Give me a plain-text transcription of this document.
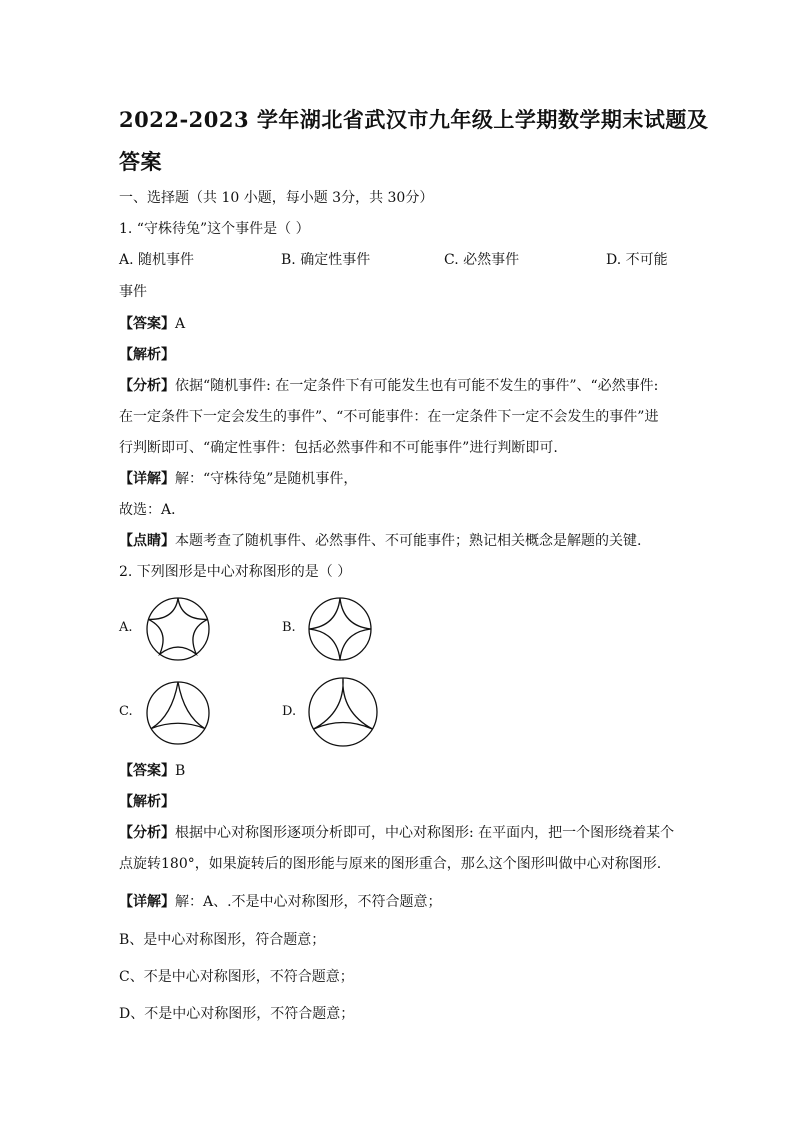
2022-2023 学年湖北省武汉市九年级上学期数学期末试题及
答案
一、选择题（共 10 小题，每小题 3分，共 30分）
1. “守株待兔”这个事件是（ ）
A. 随机事件	B. 确定性事件	C. 必然事件	D. 不可能
事件
【答案】A
【解析】
【分析】依据“随机事件: 在一定条件下有可能发生也有可能不发生的事件”、“必然事件:
在一定条件下一定会发生的事件”、“不可能事件：在一定条件下一定不会发生的事件”进
行判断即可、“确定性事件：包括必然事件和不可能事件”进行判断即可.
【详解】解：“守株待兔”是随机事件，
故选：A．
【点睛】本题考查了随机事件、必然事件、不可能事件；熟记相关概念是解题的关键.
2. 下列图形是中心对称图形的是（ ）
A.	B.
C.	D.
【答案】B
【解析】
【分析】根据中心对称图形逐项分析即可，中心对称图形: 在平面内，把一个图形绕着某个
点旋转180°，如果旋转后的图形能与原来的图形重合，那么这个图形叫做中心对称图形.
【详解】解：A、.不是中心对称图形，不符合题意；
B、是中心对称图形，符合题意；
C、不是中心对称图形，不符合题意；
D、不是中心对称图形，不符合题意；
